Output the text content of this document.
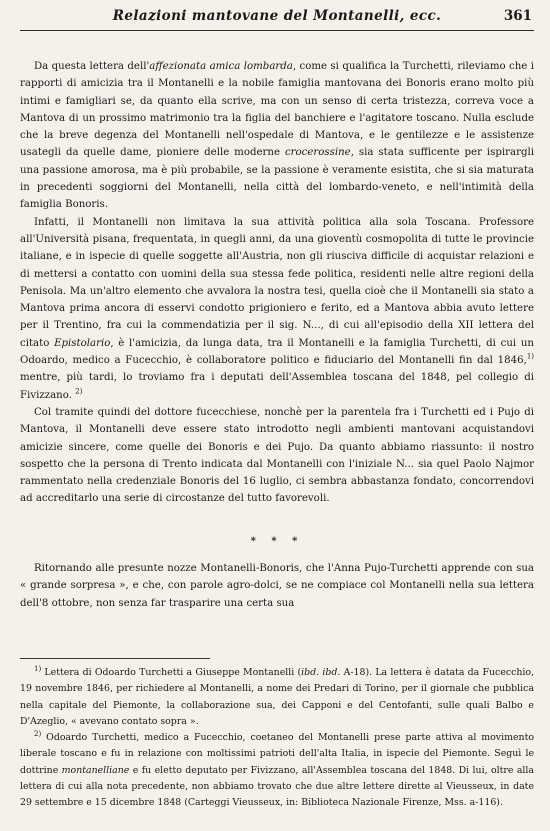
Relazioni mantovane del Montanelli, ecc.	361

Da questa lettera dell'affezionata amica lombarda, come si qualifica la Turchetti, rileviamo che i rapporti di amicizia tra il Montanelli e la nobile famiglia mantovana dei Bonoris erano molto più intimi e famigliari se, da quanto ella scrive, ma con un senso di certa tristezza, correva voce a Mantova di un prossimo matrimonio tra la figlia del banchiere e l'agitatore toscano. Nulla esclude che la breve degenza del Montanelli nell'ospedale di Mantova, e le gentilezze e le assistenze usategli da quelle dame, pioniere delle moderne crocerossine, sia stata sufficente per ispirargli una passione amorosa, ma è più probabile, se la passione è veramente esistita, che si sia maturata in precedenti soggiorni del Montanelli, nella città del lombardo-veneto, e nell'intimità della famiglia Bonoris.

Infatti, il Montanelli non limitava la sua attività politica alla sola Toscana. Professore all'Università pisana, frequentata, in quegli anni, da una gioventù cosmopolita di tutte le provincie italiane, e in ispecie di quelle soggette all'Austria, non gli riusciva difficile di acquistar relazioni e di mettersi a contatto con uomini della sua stessa fede politica, residenti nelle altre regioni della Penisola. Ma un'altro elemento che avvalora la nostra tesi, quella cioè che il Montanelli sia stato a Mantova prima ancora di esservi condotto prigioniero e ferito, ed a Mantova abbia avuto lettere per il Trentino, fra cui la commendatizia per il sig. N..., di cui all'episodio della XII lettera del citato Epistolario, è l'amicizia, da lunga data, tra il Montanelli e la famiglia Turchetti, di cui un Odoardo, medico a Fucecchio, è collaboratore politico e fiduciario del Montanelli fin dal 1846,$^{1)}$ mentre, più tardi, lo troviamo fra i deputati dell'Assemblea toscana del 1848, pel collegio di Fivizzano. $^{2)}$

Col tramite quindi del dottore fucecchiese, nonchè per la parentela fra i Turchetti ed i Pujo di Mantova, il Montanelli deve essere stato introdotto negli ambienti mantovani acquistandovi amicizie sincere, come quelle dei Bonoris e dei Pujo. Da quanto abbiamo riassunto: il nostro sospetto che la persona di Trento indicata dal Montanelli con l'iniziale N... sia quel Paolo Najmor rammentato nella credenziale Bonoris del 16 luglio, ci sembra abbastanza fondato, concorrendovi ad accreditarlo una serie di circostanze del tutto favorevoli.

* * *

Ritornando alle presunte nozze Montanelli-Bonoris, che l'Anna Pujo-Turchetti apprende con sua « grande sorpresa », e che, con parole agro-dolci, se ne compiace col Montanelli nella sua lettera dell'8 ottobre, non senza far trasparire una certa sua

$^{1)}$ Lettera di Odoardo Turchetti a Giuseppe Montanelli (ibd. ibd. A-18). La lettera è datata da Fucecchio, 19 novembre 1846, per richiedere al Montanelli, a nome dei Predari di Torino, per il giornale che pubblica nella capitale del Piemonte, la collaborazione sua, dei Capponi e del Centofanti, sulle quali Balbo e D'Azeglio, « avevano contato sopra ».

$^{2)}$ Odoardo Turchetti, medico a Fucecchio, coetaneo del Montanelli prese parte attiva al movimento liberale toscano e fu in relazione con moltissimi patrioti dell'alta Italia, in ispecie del Piemonte. Seguì le dottrine montanelliane e fu eletto deputato per Fivizzano, all'Assemblea toscana del 1848. Di lui, oltre alla lettera di cui alla nota precedente, non abbiamo trovato che due altre lettere dirette al Vieusseux, in date 29 settembre e 15 dicembre 1848 (Carteggi Vieusseux, in: Biblioteca Nazionale Firenze, Mss. a-116).
